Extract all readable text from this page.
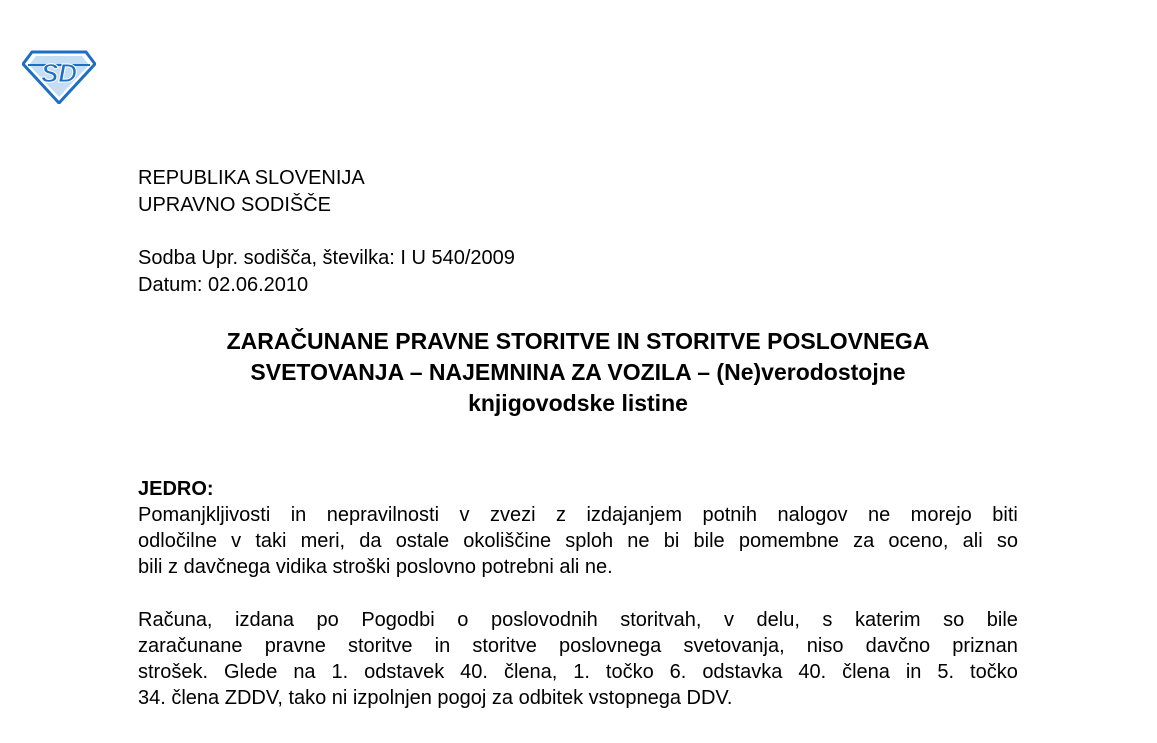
SD
REPUBLIKA SLOVENIJA
UPRAVNO SODIŠČE
Sodba Upr. sodišča, številka: I U 540/2009
Datum: 02.06.2010
ZARAČUNANE PRAVNE STORITVE IN STORITVE POSLOVNEGA
SVETOVANJA – NAJEMNINA ZA VOZILA – (Ne)verodostojne
knjigovodske listine
JEDRO:
Pomanjkljivosti in nepravilnosti v zvezi z izdajanjem potnih nalogov ne morejo biti
odločilne v taki meri, da ostale okoliščine sploh ne bi bile pomembne za oceno, ali so
bili z davčnega vidika stroški poslovno potrebni ali ne.
Računa, izdana po Pogodbi o poslovodnih storitvah, v delu, s katerim so bile
zaračunane pravne storitve in storitve poslovnega svetovanja, niso davčno priznan
strošek. Glede na 1. odstavek 40. člena, 1. točko 6. odstavka 40. člena in 5. točko
34. člena ZDDV, tako ni izpolnjen pogoj za odbitek vstopnega DDV.
